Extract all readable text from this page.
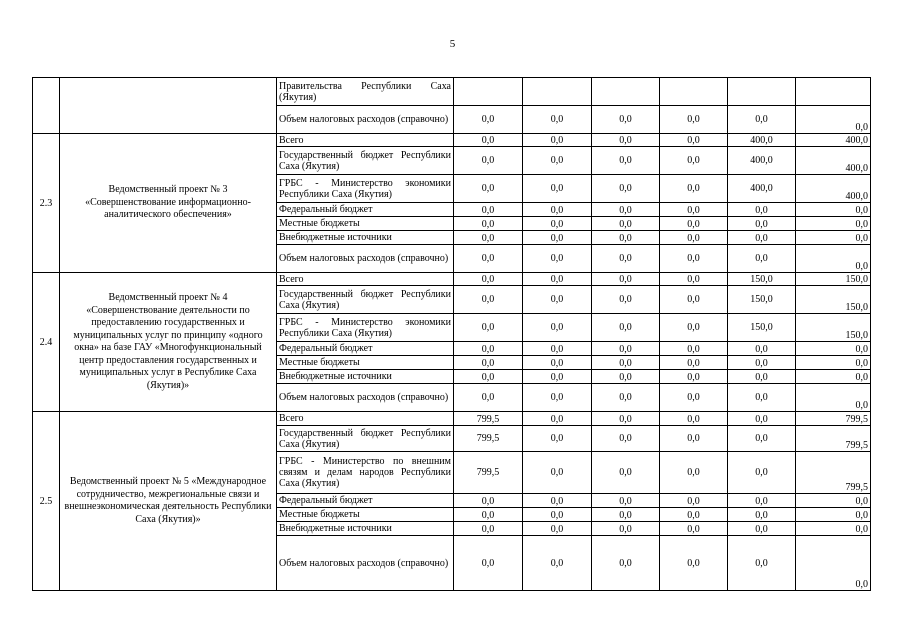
5
		Правительства Республики Саха (Якутия)						
		Объем налоговых расходов (справочно)	0,0	0,0	0,0	0,0	0,0	0,0
2.3	Ведомственный проект № 3 «Совершенствование информационно-аналитического обеспечения»	Всего	0,0	0,0	0,0	0,0	400,0	400,0
		Государственный бюджет Республики Саха (Якутия)	0,0	0,0	0,0	0,0	400,0	400,0
		ГРБС - Министерство экономики Республики Саха (Якутия)	0,0	0,0	0,0	0,0	400,0	400,0
		Федеральный бюджет	0,0	0,0	0,0	0,0	0,0	0,0
		Местные бюджеты	0,0	0,0	0,0	0,0	0,0	0,0
		Внебюджетные источники	0,0	0,0	0,0	0,0	0,0	0,0
		Объем налоговых расходов (справочно)	0,0	0,0	0,0	0,0	0,0	0,0
2.4	Ведомственный проект № 4 «Совершенствование деятельности по предоставлению государственных и муниципальных услуг по принципу «одного окна» на базе ГАУ «Многофункциональный центр предоставления государственных и муниципальных услуг в Республике Саха (Якутия)»	Всего	0,0	0,0	0,0	0,0	150,0	150,0
		Государственный бюджет Республики Саха (Якутия)	0,0	0,0	0,0	0,0	150,0	150,0
		ГРБС - Министерство экономики Республики Саха (Якутия)	0,0	0,0	0,0	0,0	150,0	150,0
		Федеральный бюджет	0,0	0,0	0,0	0,0	0,0	0,0
		Местные бюджеты	0,0	0,0	0,0	0,0	0,0	0,0
		Внебюджетные источники	0,0	0,0	0,0	0,0	0,0	0,0
		Объем налоговых расходов (справочно)	0,0	0,0	0,0	0,0	0,0	0,0
2.5	Ведомственный проект № 5 «Международное сотрудничество, межрегиональные связи и внешнеэкономическая деятельность Республики Саха (Якутия)»	Всего	799,5	0,0	0,0	0,0	0,0	799,5
		Государственный бюджет Республики Саха (Якутия)	799,5	0,0	0,0	0,0	0,0	799,5
		ГРБС - Министерство по внешним связям и делам народов Республики Саха (Якутия)	799,5	0,0	0,0	0,0	0,0	799,5
		Федеральный бюджет	0,0	0,0	0,0	0,0	0,0	0,0
		Местные бюджеты	0,0	0,0	0,0	0,0	0,0	0,0
		Внебюджетные источники	0,0	0,0	0,0	0,0	0,0	0,0
		Объем налоговых расходов (справочно)	0,0	0,0	0,0	0,0	0,0	0,0
